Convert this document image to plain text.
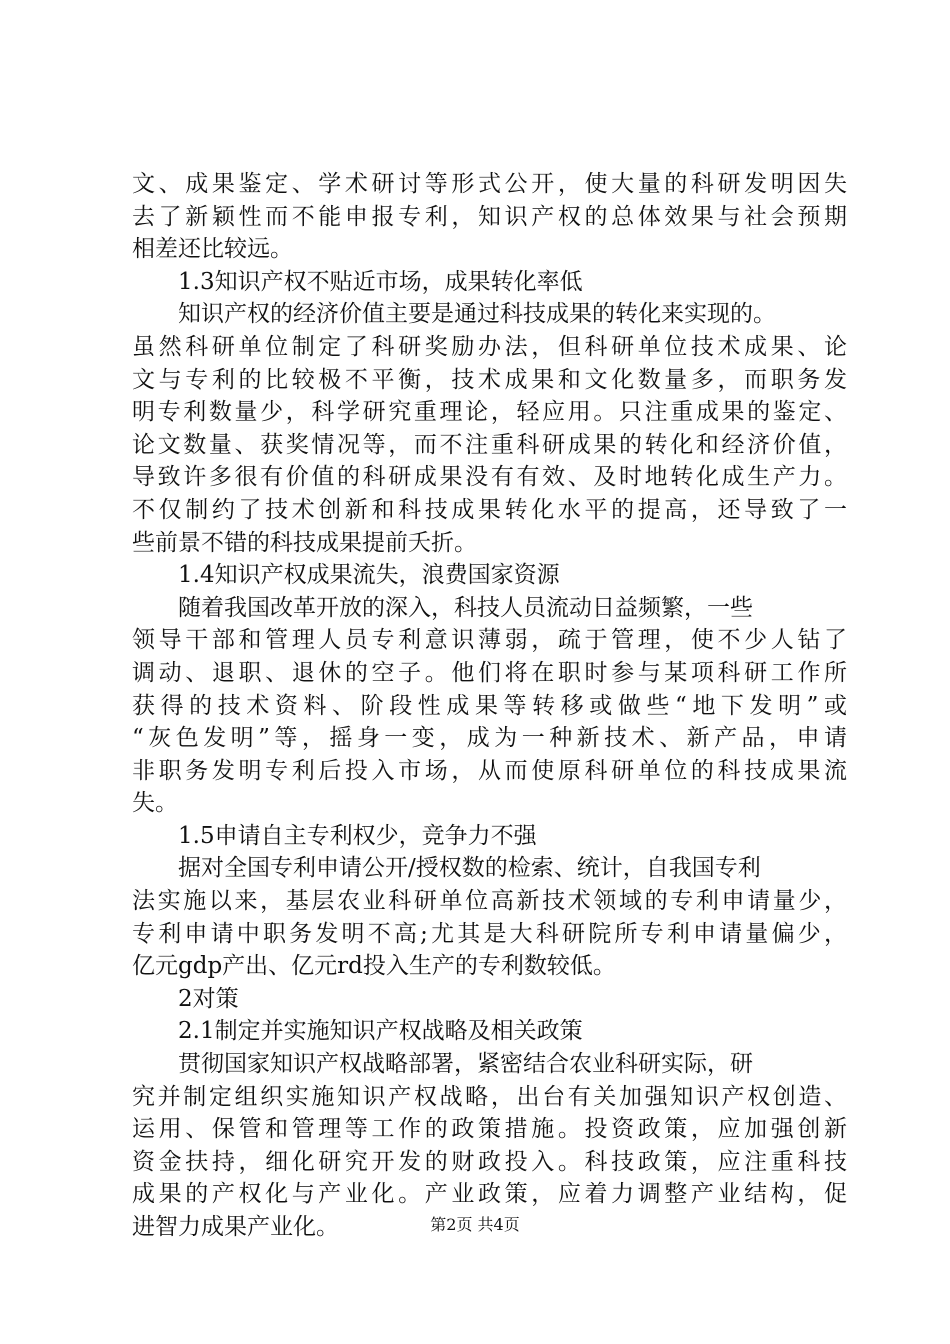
文、成果鉴定、学术研讨等形式公开，使大量的科研发明因失
去了新颖性而不能申报专利，知识产权的总体效果与社会预期
相差还比较远。
1.3知识产权不贴近市场，成果转化率低
知识产权的经济价值主要是通过科技成果的转化来实现的。
虽然科研单位制定了科研奖励办法，但科研单位技术成果、论
文与专利的比较极不平衡，技术成果和文化数量多，而职务发
明专利数量少，科学研究重理论，轻应用。只注重成果的鉴定、
论文数量、获奖情况等，而不注重科研成果的转化和经济价值，
导致许多很有价值的科研成果没有有效、及时地转化成生产力。
不仅制约了技术创新和科技成果转化水平的提高，还导致了一
些前景不错的科技成果提前夭折。
1.4知识产权成果流失，浪费国家资源
随着我国改革开放的深入，科技人员流动日益频繁，一些
领导干部和管理人员专利意识薄弱，疏于管理，使不少人钻了
调动、退职、退休的空子。他们将在职时参与某项科研工作所
获得的技术资料、阶段性成果等转移或做些“地下发明”或
“灰色发明”等，摇身一变，成为一种新技术、新产品，申请
非职务发明专利后投入市场，从而使原科研单位的科技成果流
失。
1.5申请自主专利权少，竞争力不强
据对全国专利申请公开/授权数的检索、统计，自我国专利
法实施以来，基层农业科研单位高新技术领域的专利申请量少，
专利申请中职务发明不高;尤其是大科研院所专利申请量偏少，
亿元gdp产出、亿元rd投入生产的专利数较低。
2对策
2.1制定并实施知识产权战略及相关政策
贯彻国家知识产权战略部署，紧密结合农业科研实际，研
究并制定组织实施知识产权战略，出台有关加强知识产权创造、
运用、保管和管理等工作的政策措施。投资政策，应加强创新
资金扶持，细化研究开发的财政投入。科技政策，应注重科技
成果的产权化与产业化。产业政策，应着力调整产业结构，促
进智力成果产业化。	第2页 共4页
